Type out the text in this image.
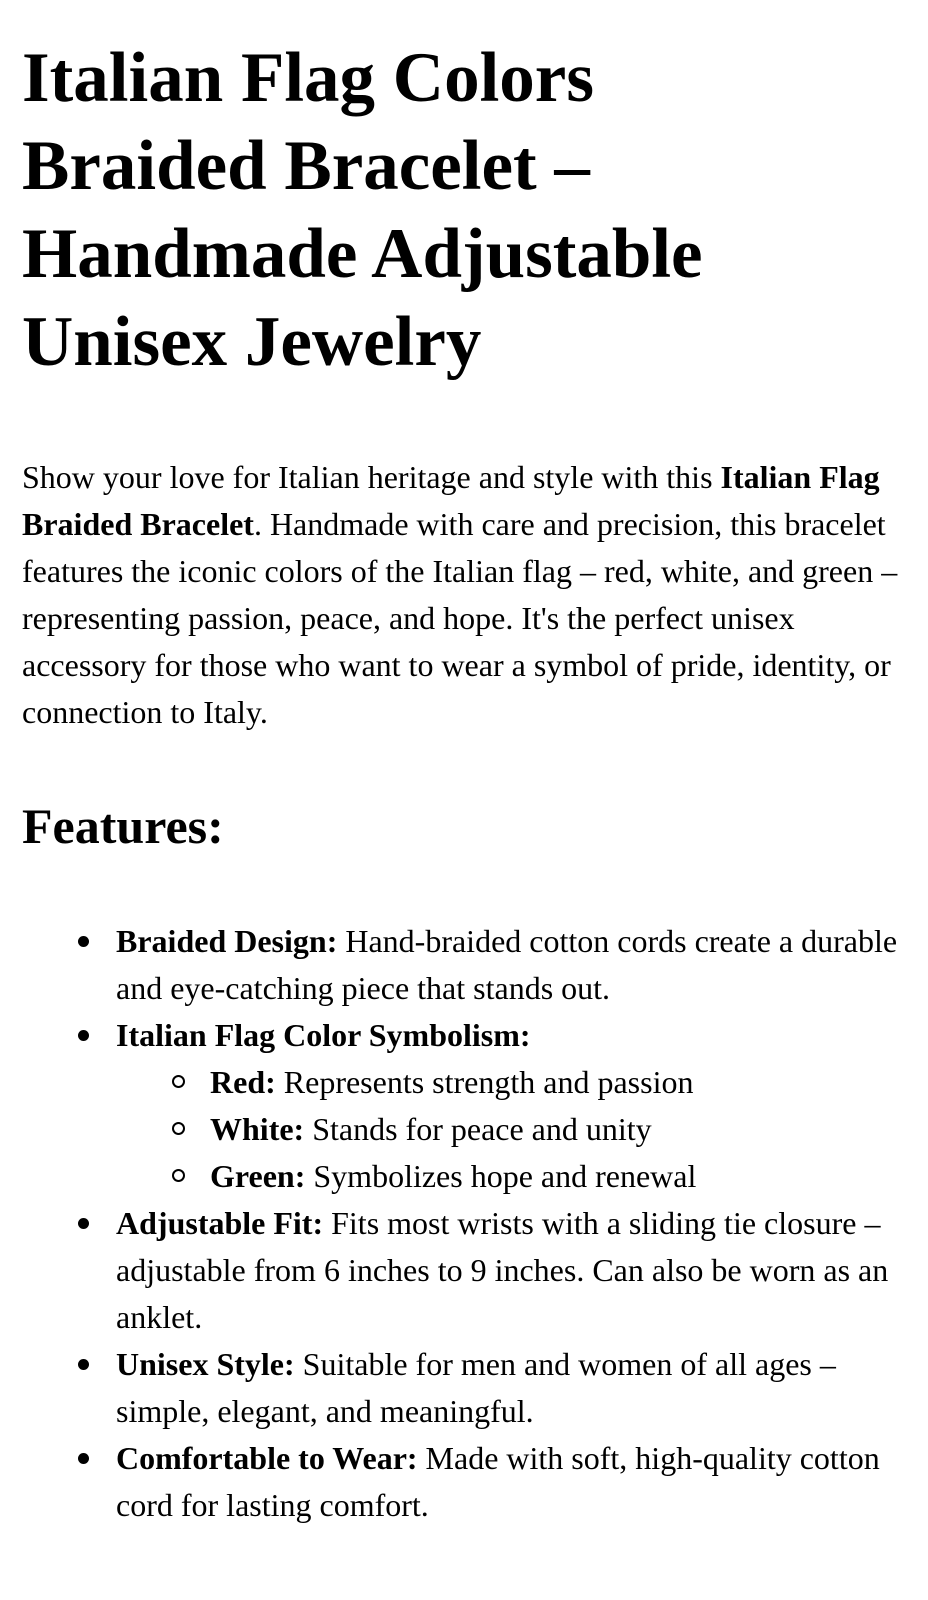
Italian Flag Colors Braided Bracelet – Handmade Adjustable Unisex Jewelry

Show your love for Italian heritage and style with this Italian Flag Braided Bracelet. Handmade with care and precision, this bracelet features the iconic colors of the Italian flag – red, white, and green – representing passion, peace, and hope. It's the perfect unisex accessory for those who want to wear a symbol of pride, identity, or connection to Italy.

Features:
Braided Design: Hand-braided cotton cords create a durable and eye-catching piece that stands out.
Italian Flag Color Symbolism:
Red: Represents strength and passion
White: Stands for peace and unity
Green: Symbolizes hope and renewal
Adjustable Fit: Fits most wrists with a sliding tie closure – adjustable from 6 inches to 9 inches. Can also be worn as an anklet.
Unisex Style: Suitable for men and women of all ages – simple, elegant, and meaningful.
Comfortable to Wear: Made with soft, high-quality cotton cord for lasting comfort.
